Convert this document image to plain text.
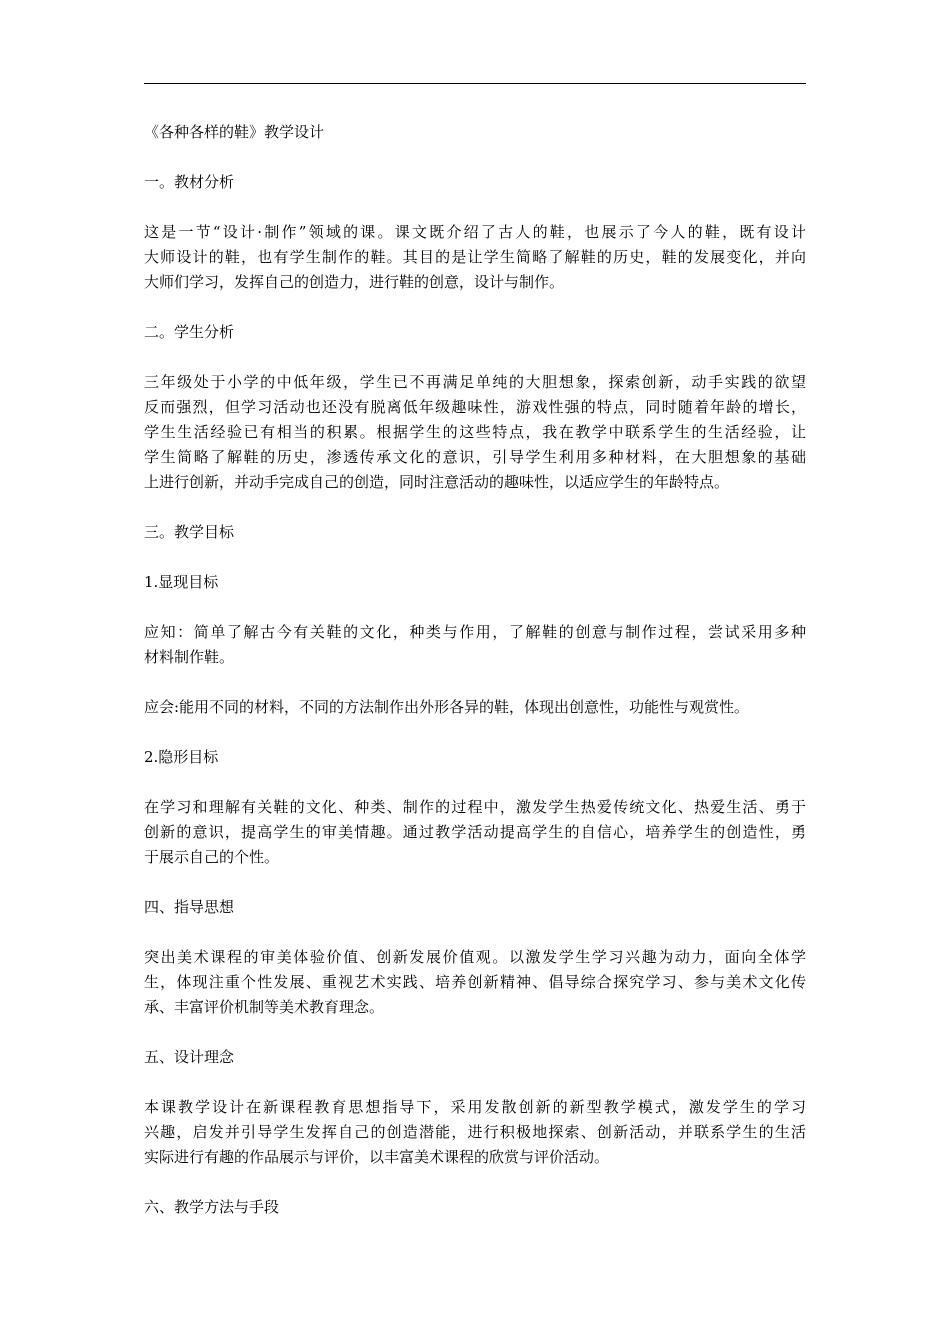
《各种各样的鞋》教学设计
一。教材分析
这是一节“设计·制作”领域的课。课文既介绍了古人的鞋，也展示了今人的鞋，既有设计
大师设计的鞋，也有学生制作的鞋。其目的是让学生简略了解鞋的历史，鞋的发展变化，并向
大师们学习，发挥自己的创造力，进行鞋的创意，设计与制作。
二。学生分析
三年级处于小学的中低年级，学生已不再满足单纯的大胆想象，探索创新，动手实践的欲望
反而强烈，但学习活动也还没有脱离低年级趣味性，游戏性强的特点，同时随着年龄的增长，
学生生活经验已有相当的积累。根据学生的这些特点，我在教学中联系学生的生活经验，让
学生简略了解鞋的历史，渗透传承文化的意识，引导学生利用多种材料，在大胆想象的基础
上进行创新，并动手完成自己的创造，同时注意活动的趣味性，以适应学生的年龄特点。
三。教学目标
1.显现目标
应知：简单了解古今有关鞋的文化，种类与作用，了解鞋的创意与制作过程，尝试采用多种
材料制作鞋。
应会:能用不同的材料，不同的方法制作出外形各异的鞋，体现出创意性，功能性与观赏性。
2.隐形目标
在学习和理解有关鞋的文化、种类、制作的过程中，激发学生热爱传统文化、热爱生活、勇于
创新的意识，提高学生的审美情趣。通过教学活动提高学生的自信心，培养学生的创造性，勇
于展示自己的个性。
四、指导思想
突出美术课程的审美体验价值、创新发展价值观。以激发学生学习兴趣为动力，面向全体学
生，体现注重个性发展、重视艺术实践、培养创新精神、倡导综合探究学习、参与美术文化传
承、丰富评价机制等美术教育理念。
五、设计理念
本课教学设计在新课程教育思想指导下，采用发散创新的新型教学模式，激发学生的学习
兴趣，启发并引导学生发挥自己的创造潜能，进行积极地探索、创新活动，并联系学生的生活
实际进行有趣的作品展示与评价，以丰富美术课程的欣赏与评价活动。
六、教学方法与手段
